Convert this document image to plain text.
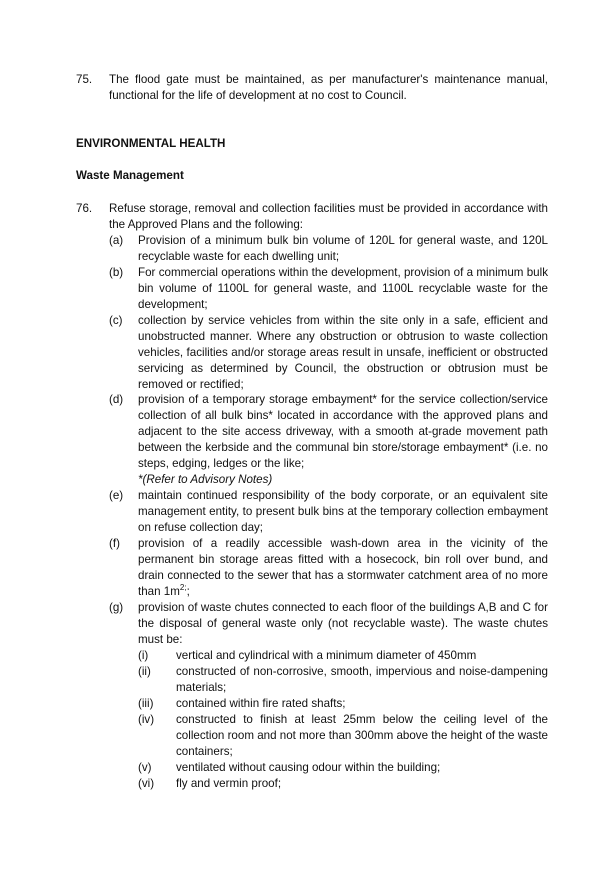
75. The flood gate must be maintained, as per manufacturer's maintenance manual, functional for the life of development at no cost to Council.
ENVIRONMENTAL HEALTH
Waste Management
76. Refuse storage, removal and collection facilities must be provided in accordance with the Approved Plans and the following:
(a) Provision of a minimum bulk bin volume of 120L for general waste, and 120L recyclable waste for each dwelling unit;
(b) For commercial operations within the development, provision of a minimum bulk bin volume of 1100L for general waste, and 1100L recyclable waste for the development;
(c) collection by service vehicles from within the site only in a safe, efficient and unobstructed manner. Where any obstruction or obtrusion to waste collection vehicles, facilities and/or storage areas result in unsafe, inefficient or obstructed servicing as determined by Council, the obstruction or obtrusion must be removed or rectified;
(d) provision of a temporary storage embayment* for the service collection/service collection of all bulk bins* located in accordance with the approved plans and adjacent to the site access driveway, with a smooth at-grade movement path between the kerbside and the communal bin store/storage embayment* (i.e. no steps, edging, ledges or the like;
*(Refer to Advisory Notes)
(e) maintain continued responsibility of the body corporate, or an equivalent site management entity, to present bulk bins at the temporary collection embayment on refuse collection day;
(f) provision of a readily accessible wash-down area in the vicinity of the permanent bin storage areas fitted with a hosecock, bin roll over bund, and drain connected to the sewer that has a stormwater catchment area of no more than $1m^{2;}$;
(g) provision of waste chutes connected to each floor of the buildings A,B and C for the disposal of general waste only (not recyclable waste). The waste chutes must be:
(i) vertical and cylindrical with a minimum diameter of 450mm
(ii) constructed of non-corrosive, smooth, impervious and noise-dampening materials;
(iii) contained within fire rated shafts;
(iv) constructed to finish at least 25mm below the ceiling level of the collection room and not more than 300mm above the height of the waste containers;
(v) ventilated without causing odour within the building;
(vi) fly and vermin proof;
